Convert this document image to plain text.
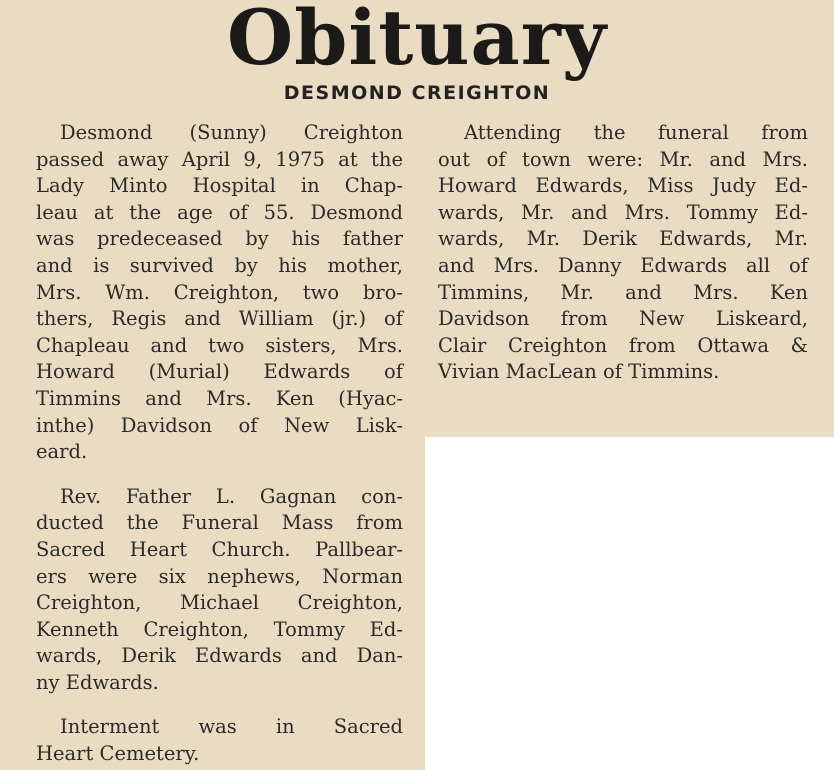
Obituary
DESMOND CREIGHTON
Desmond (Sunny) Creighton
passed away April 9, 1975 at the
Lady Minto Hospital in Chap-
leau at the age of 55. Desmond
was predeceased by his father
and is survived by his mother,
Mrs. Wm. Creighton, two bro-
thers, Regis and William (jr.) of
Chapleau and two sisters, Mrs.
Howard (Murial) Edwards of
Timmins and Mrs. Ken (Hyac-
inthe) Davidson of New Lisk-
eard.
Rev. Father L. Gagnan con-
ducted the Funeral Mass from
Sacred Heart Church. Pallbear-
ers were six nephews, Norman
Creighton, Michael Creighton,
Kenneth Creighton, Tommy Ed-
wards, Derik Edwards and Dan-
ny Edwards.
Interment was in Sacred
Heart Cemetery.
Attending the funeral from
out of town were: Mr. and Mrs.
Howard Edwards, Miss Judy Ed-
wards, Mr. and Mrs. Tommy Ed-
wards, Mr. Derik Edwards, Mr.
and Mrs. Danny Edwards all of
Timmins, Mr. and Mrs. Ken
Davidson from New Liskeard,
Clair Creighton from Ottawa &
Vivian MacLean of Timmins.
